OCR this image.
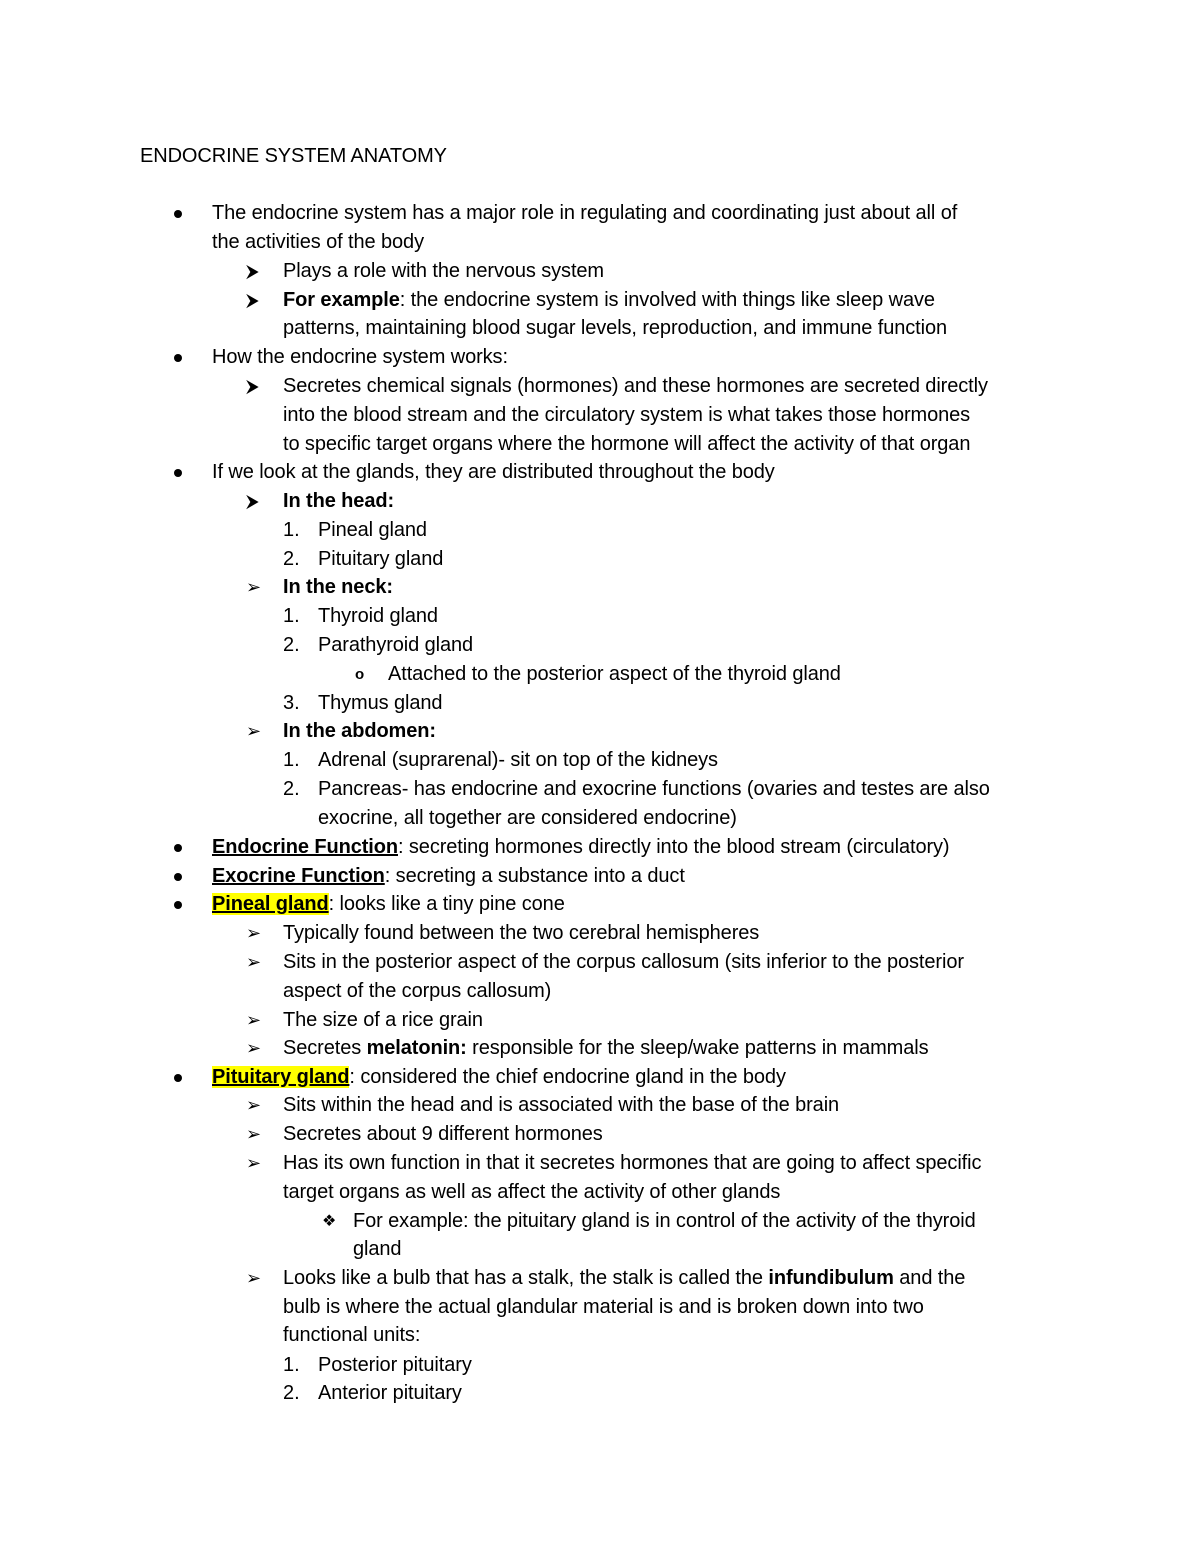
ENDOCRINE SYSTEM ANATOMY
The endocrine system has a major role in regulating and coordinating just about all of
the activities of the body
⮞ Plays a role with the nervous system
⮞ For example: the endocrine system is involved with things like sleep wave
patterns, maintaining blood sugar levels, reproduction, and immune function
How the endocrine system works:
⮞ Secretes chemical signals (hormones) and these hormones are secreted directly
into the blood stream and the circulatory system is what takes those hormones
to specific target organs where the hormone will affect the activity of that organ
If we look at the glands, they are distributed throughout the body
⮞ In the head:
1. Pineal gland
2. Pituitary gland
➢ In the neck:
1. Thyroid gland
2. Parathyroid gland
o Attached to the posterior aspect of the thyroid gland
3. Thymus gland
➢ In the abdomen:
1. Adrenal (suprarenal)- sit on top of the kidneys
2. Pancreas- has endocrine and exocrine functions (ovaries and testes are also
exocrine, all together are considered endocrine)
Endocrine Function: secreting hormones directly into the blood stream (circulatory)
Exocrine Function: secreting a substance into a duct
Pineal gland: looks like a tiny pine cone
➢ Typically found between the two cerebral hemispheres
➢ Sits in the posterior aspect of the corpus callosum (sits inferior to the posterior
aspect of the corpus callosum)
➢ The size of a rice grain
➢ Secretes melatonin: responsible for the sleep/wake patterns in mammals
Pituitary gland: considered the chief endocrine gland in the body
➢ Sits within the head and is associated with the base of the brain
➢ Secretes about 9 different hormones
➢ Has its own function in that it secretes hormones that are going to affect specific
target organs as well as affect the activity of other glands
❖ For example: the pituitary gland is in control of the activity of the thyroid
gland
➢ Looks like a bulb that has a stalk, the stalk is called the infundibulum and the
bulb is where the actual glandular material is and is broken down into two
functional units:
1. Posterior pituitary
2. Anterior pituitary
